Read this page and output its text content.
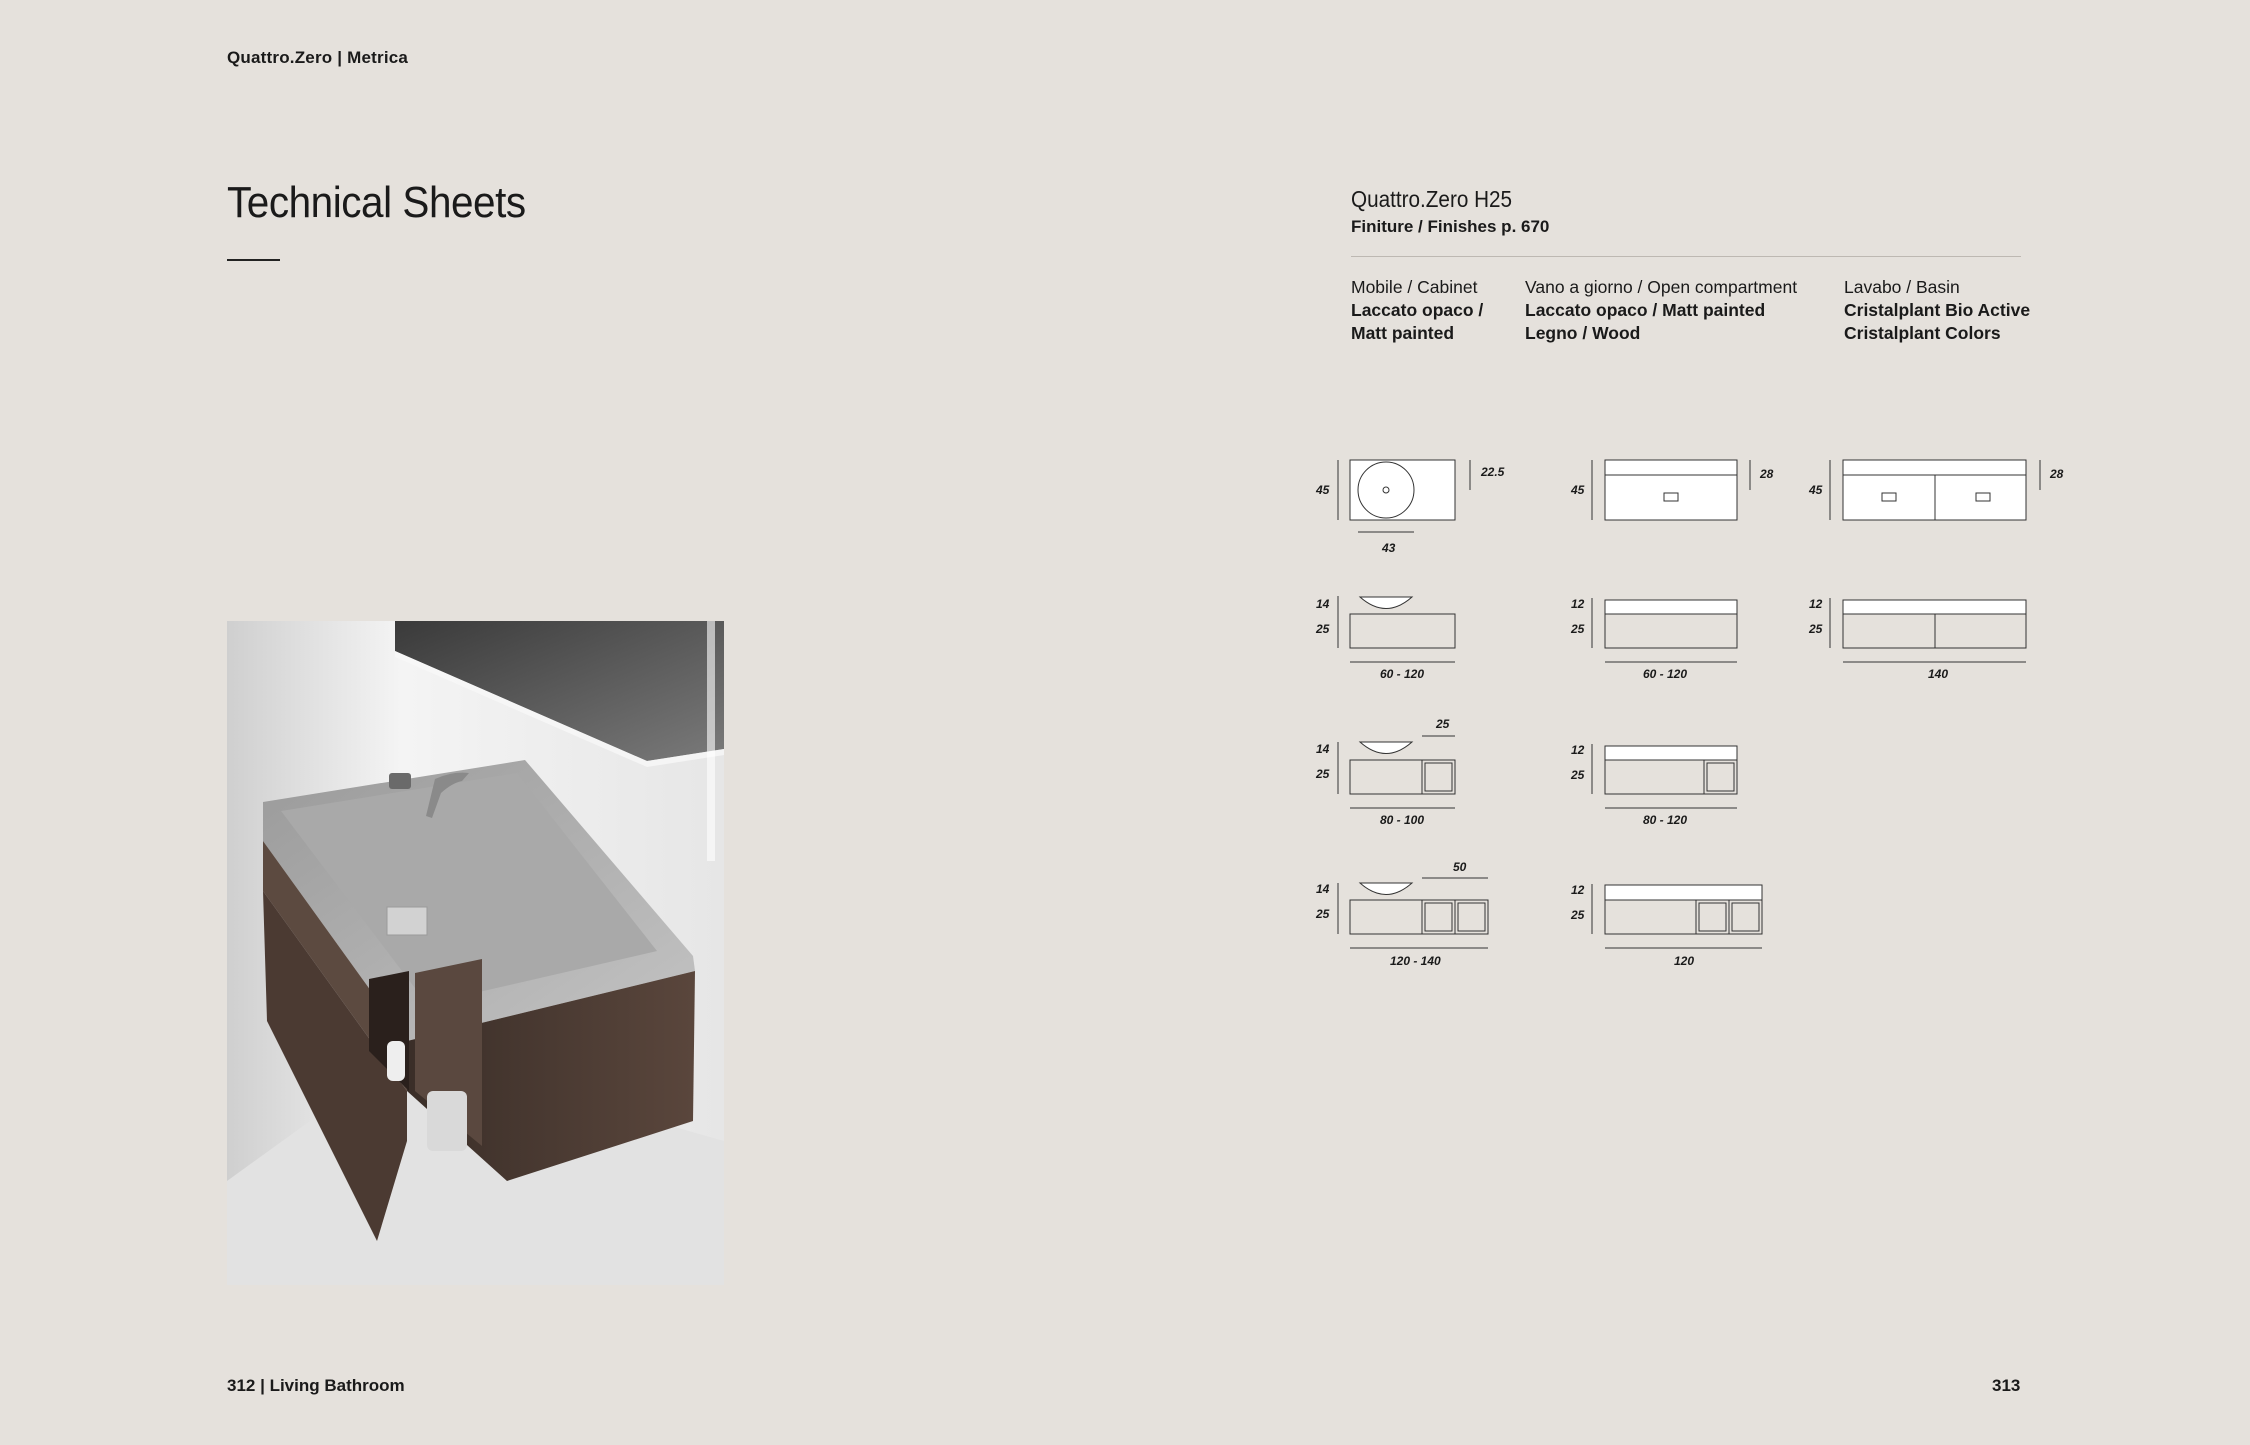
Quattro.Zero | Metrica
Technical Sheets	Quattro.Zero H25
Finiture / Finishes p. 670
Mobile / Cabinet
Laccato opaco /
Matt painted
Vano a giorno / Open compartment
Laccato opaco / Matt painted
Legno / Wood
Lavabo / Basin
Cristalplant Bio Active
Cristalplant Colors
45
22.5
43
45
28
45
28
14
25
60 - 120
12
25
60 - 120
12
25
140
25
14
25
80 - 100
12
25
80 - 120
50
14
25
120 - 140
12
25
120
312 | Living Bathroom	313
